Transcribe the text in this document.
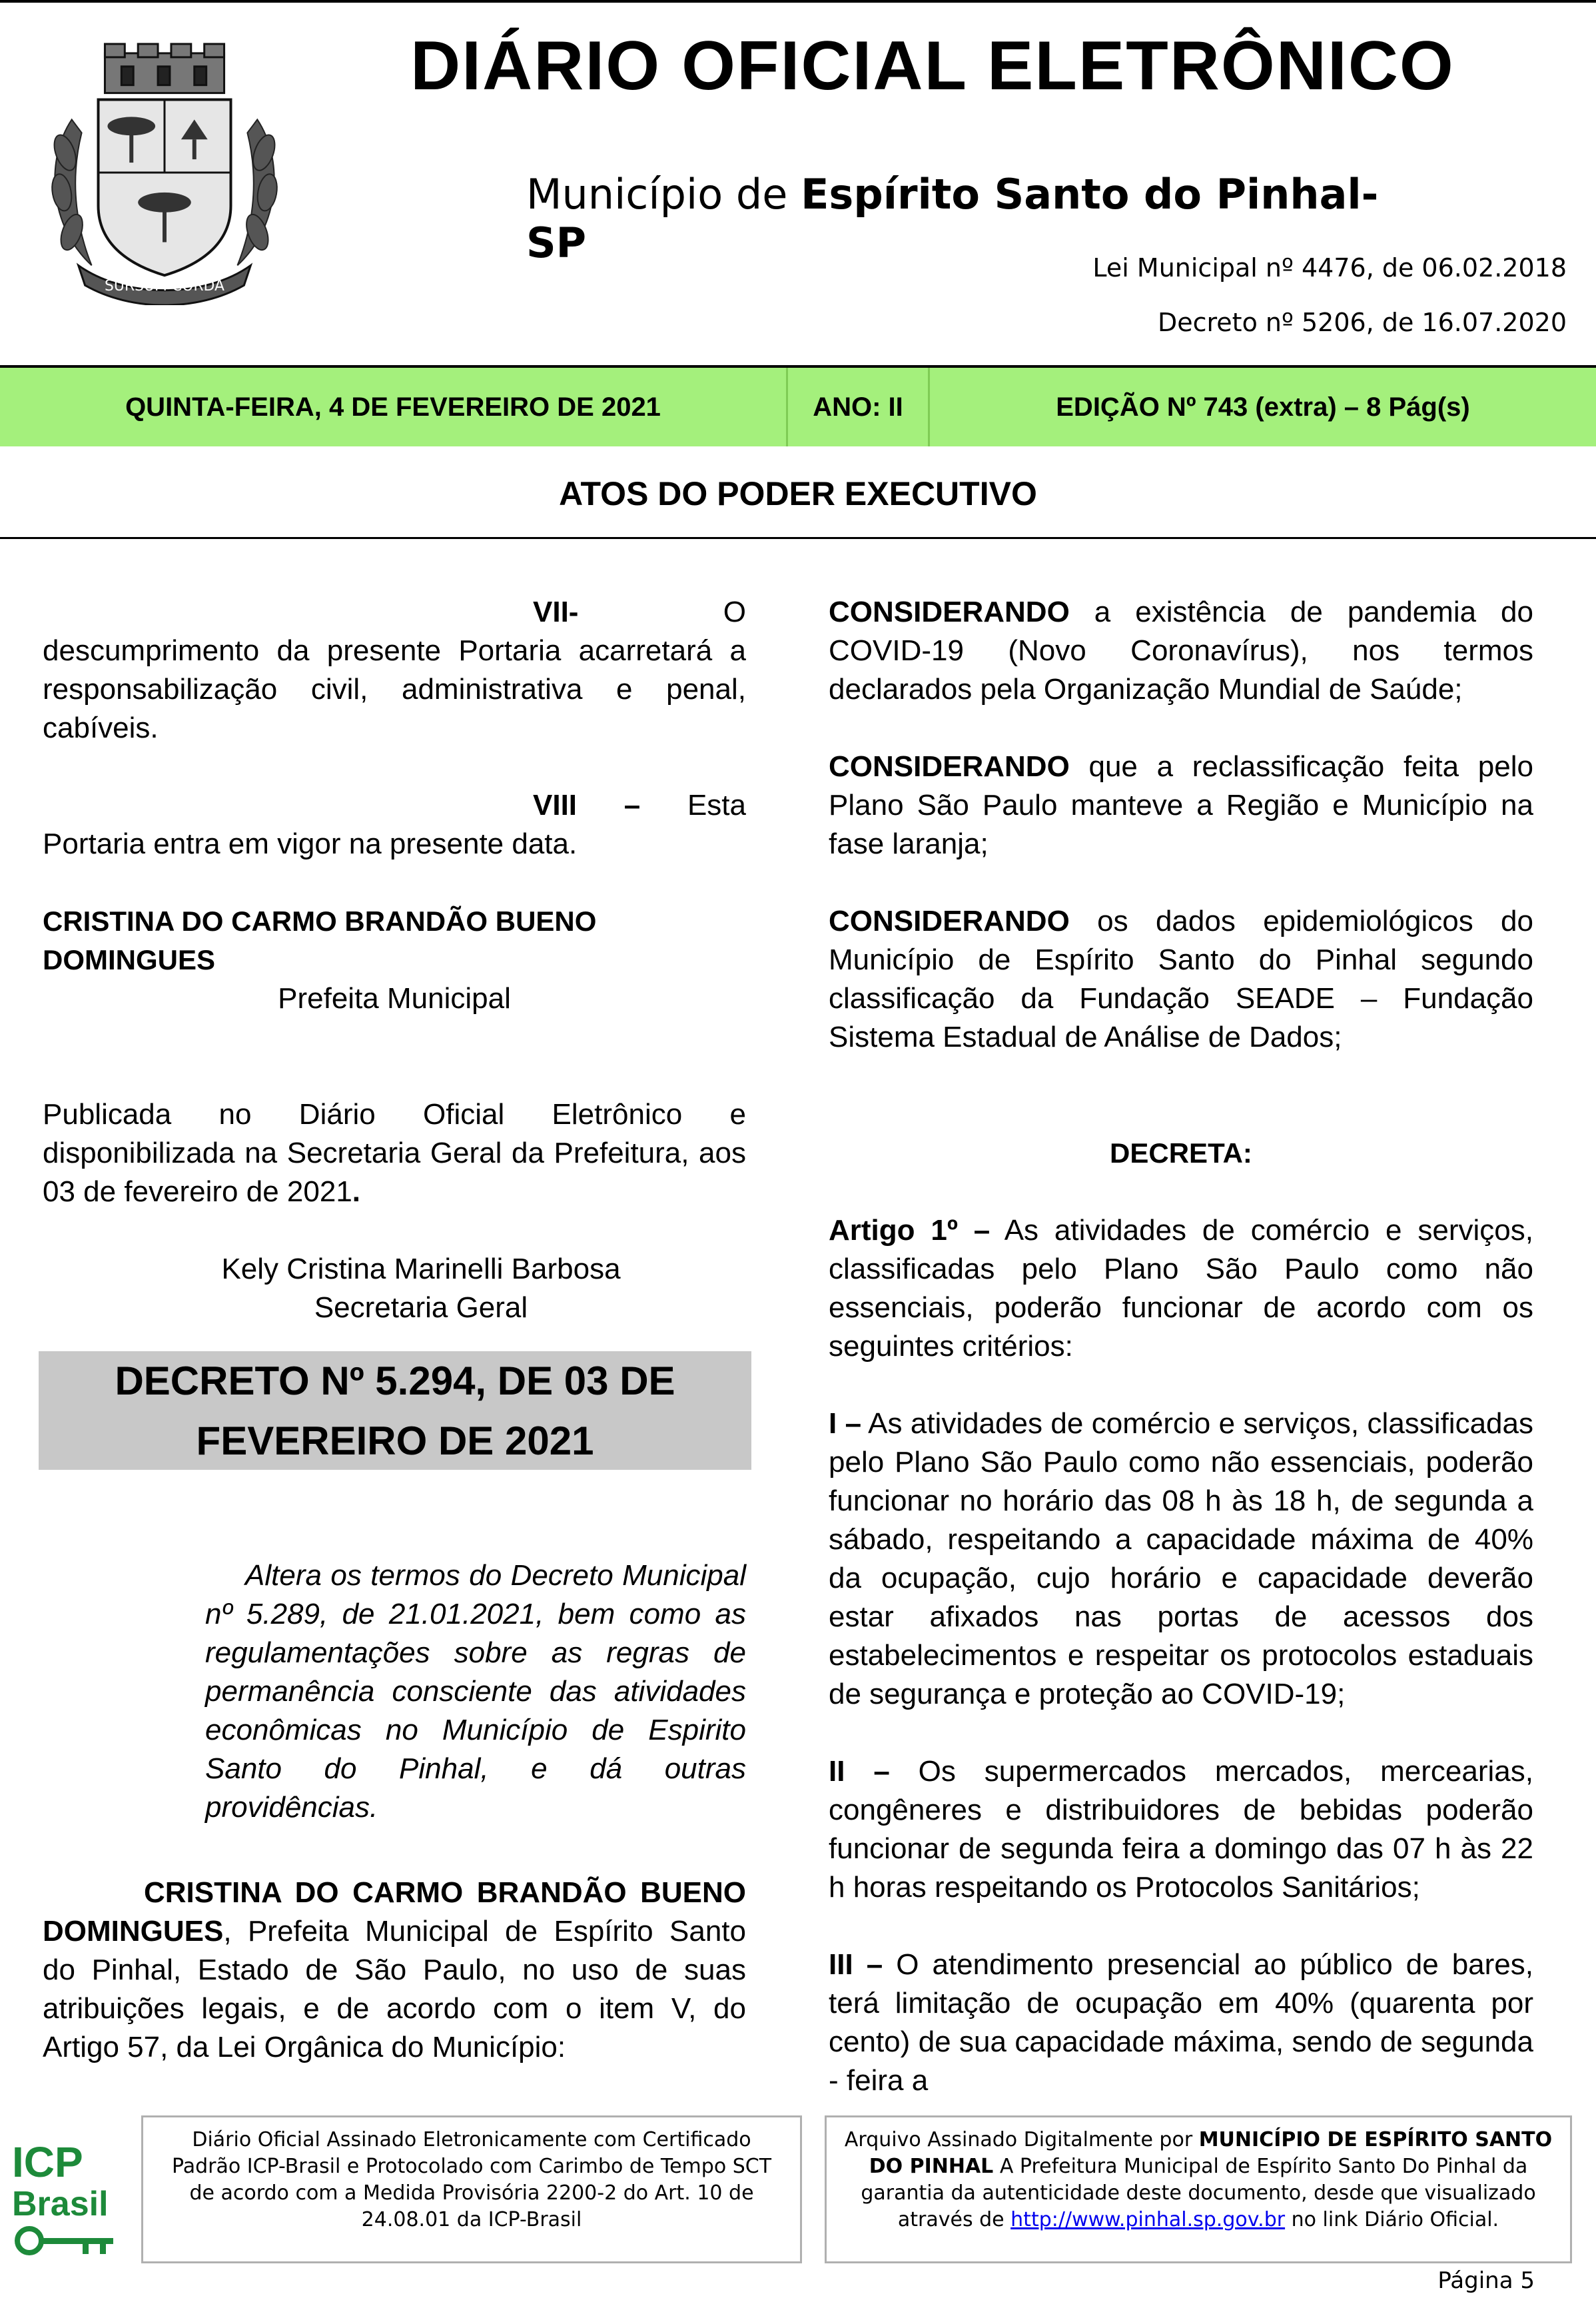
SURSUM CORDA
DIÁRIO OFICIAL ELETRÔNICO
Município de Espírito Santo do Pinhal-SP
Lei Municipal nº 4476, de 06.02.2018
Decreto nº 5206, de 16.07.2020
QUINTA-FEIRA, 4 DE FEVEREIRO DE 2021	ANO: II	EDIÇÃO Nº 743 (extra) – 8 Pág(s)
ATOS DO PODER EXECUTIVO
VII-	O

descumprimento da presente Portaria acarretará a responsabilização civil, administrativa e penal, cabíveis.

VIII – Esta

Portaria entra em vigor na presente data.

CRISTINA DO CARMO BRANDÃO BUENO DOMINGUES

Prefeita Municipal

Publicada no Diário Oficial Eletrônico e disponibilizada na Secretaria Geral da Prefeitura, aos 03 de fevereiro de 2021.

Kely Cristina Marinelli Barbosa

Secretaria Geral

DECRETO Nº 5.294, DE 03 DE
FEVEREIRO DE 2021
Altera os termos do Decreto Municipal nº 5.289, de 21.01.2021, bem como as regulamentações sobre as regras de permanência consciente das atividades econômicas no Município de Espirito Santo do Pinhal, e dá outras providências.
CRISTINA DO CARMO BRANDÃO BUENO DOMINGUES, Prefeita Municipal de Espírito Santo do Pinhal, Estado de São Paulo, no uso de suas atribuições legais, e de acordo com o item V, do Artigo 57, da Lei Orgânica do Município:

CONSIDERANDO a existência de pandemia do COVID-19 (Novo Coronavírus), nos termos declarados pela Organização Mundial de Saúde;

CONSIDERANDO que a reclassificação feita pelo Plano São Paulo manteve a Região e Município na fase laranja;

CONSIDERANDO os dados epidemiológicos do Município de Espírito Santo do Pinhal segundo classificação da Fundação SEADE – Fundação Sistema Estadual de Análise de Dados;

DECRETA:

Artigo 1º – As atividades de comércio e serviços, classificadas pelo Plano São Paulo como não essenciais, poderão funcionar de acordo com os seguintes critérios:

I – As atividades de comércio e serviços, classificadas pelo Plano São Paulo como não essenciais, poderão funcionar no horário das 08 h às 18 h, de segunda a sábado, respeitando a capacidade máxima de 40% da ocupação, cujo horário e capacidade deverão estar afixados nas portas de acessos dos estabelecimentos e respeitar os protocolos estaduais de segurança e proteção ao COVID-19;

II – Os supermercados mercados, mercearias, congêneres e distribuidores de bebidas poderão funcionar de segunda feira a domingo das 07 h às 22 h horas respeitando os Protocolos Sanitários;

III – O atendimento presencial ao público de bares, terá limitação de ocupação em 40% (quarenta por cento) de sua capacidade máxima, sendo de segunda - feira a

ICP
Brasil
Diário Oficial Assinado Eletronicamente com Certificado Padrão ICP-Brasil e Protocolado com Carimbo de Tempo SCT de acordo com a Medida Provisória 2200-2 do Art. 10 de 24.08.01 da ICP-Brasil
Arquivo Assinado Digitalmente por MUNICÍPIO DE ESPÍRITO SANTO DO PINHAL A Prefeitura Municipal de Espírito Santo Do Pinhal da garantia da autenticidade deste documento, desde que visualizado através de http://www.pinhal.sp.gov.br no link Diário Oficial.
Página 5
